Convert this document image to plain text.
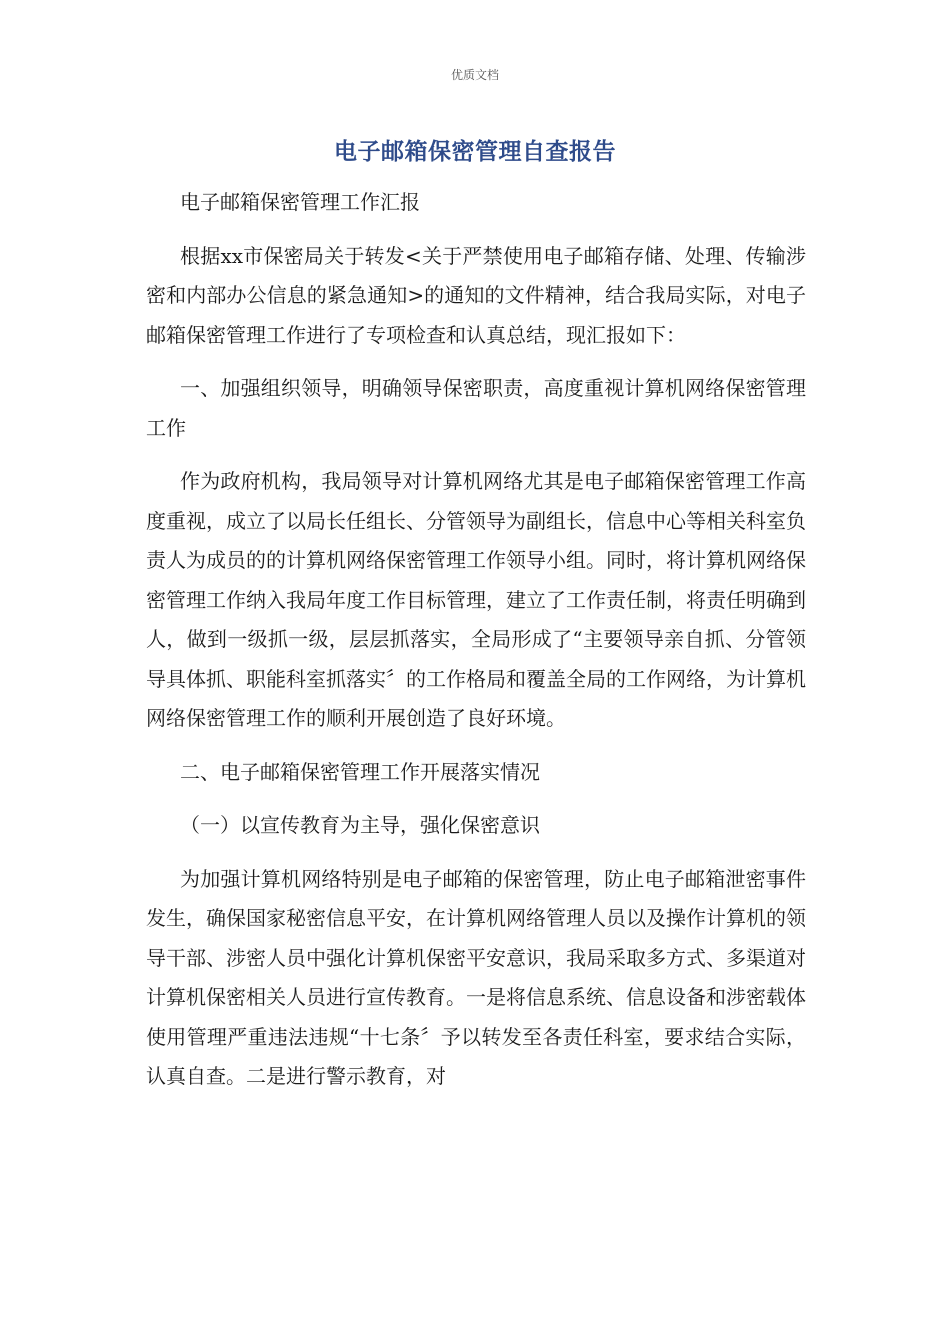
优质文档
电子邮箱保密管理自查报告

电子邮箱保密管理工作汇报

根据xx市保密局关于转发<关于严禁使用电子邮箱存储、处理、传输涉密和内部办公信息的紧急通知>的通知的文件精神，结合我局实际，对电子邮箱保密管理工作进行了专项检查和认真总结，现汇报如下：

一、加强组织领导，明确领导保密职责，高度重视计算机网络保密管理工作

作为政府机构，我局领导对计算机网络尤其是电子邮箱保密管理工作高度重视，成立了以局长任组长、分管领导为副组长，信息中心等相关科室负责人为成员的的计算机网络保密管理工作领导小组。同时，将计算机网络保密管理工作纳入我局年度工作目标管理，建立了工作责任制，将责任明确到人，做到一级抓一级，层层抓落实，全局形成了“主要领导亲自抓、分管领导具体抓、职能科室抓落实〞的工作格局和覆盖全局的工作网络，为计算机网络保密管理工作的顺利开展创造了良好环境。

二、电子邮箱保密管理工作开展落实情况

（一）以宣传教育为主导，强化保密意识

为加强计算机网络特别是电子邮箱的保密管理，防止电子邮箱泄密事件发生，确保国家秘密信息平安，在计算机网络管理人员以及操作计算机的领导干部、涉密人员中强化计算机保密平安意识，我局采取多方式、多渠道对计算机保密相关人员进行宣传教育。一是将信息系统、信息设备和涉密载体使用管理严重违法违规“十七条〞予以转发至各责任科室，要求结合实际，认真自查。二是进行警示教育，对
